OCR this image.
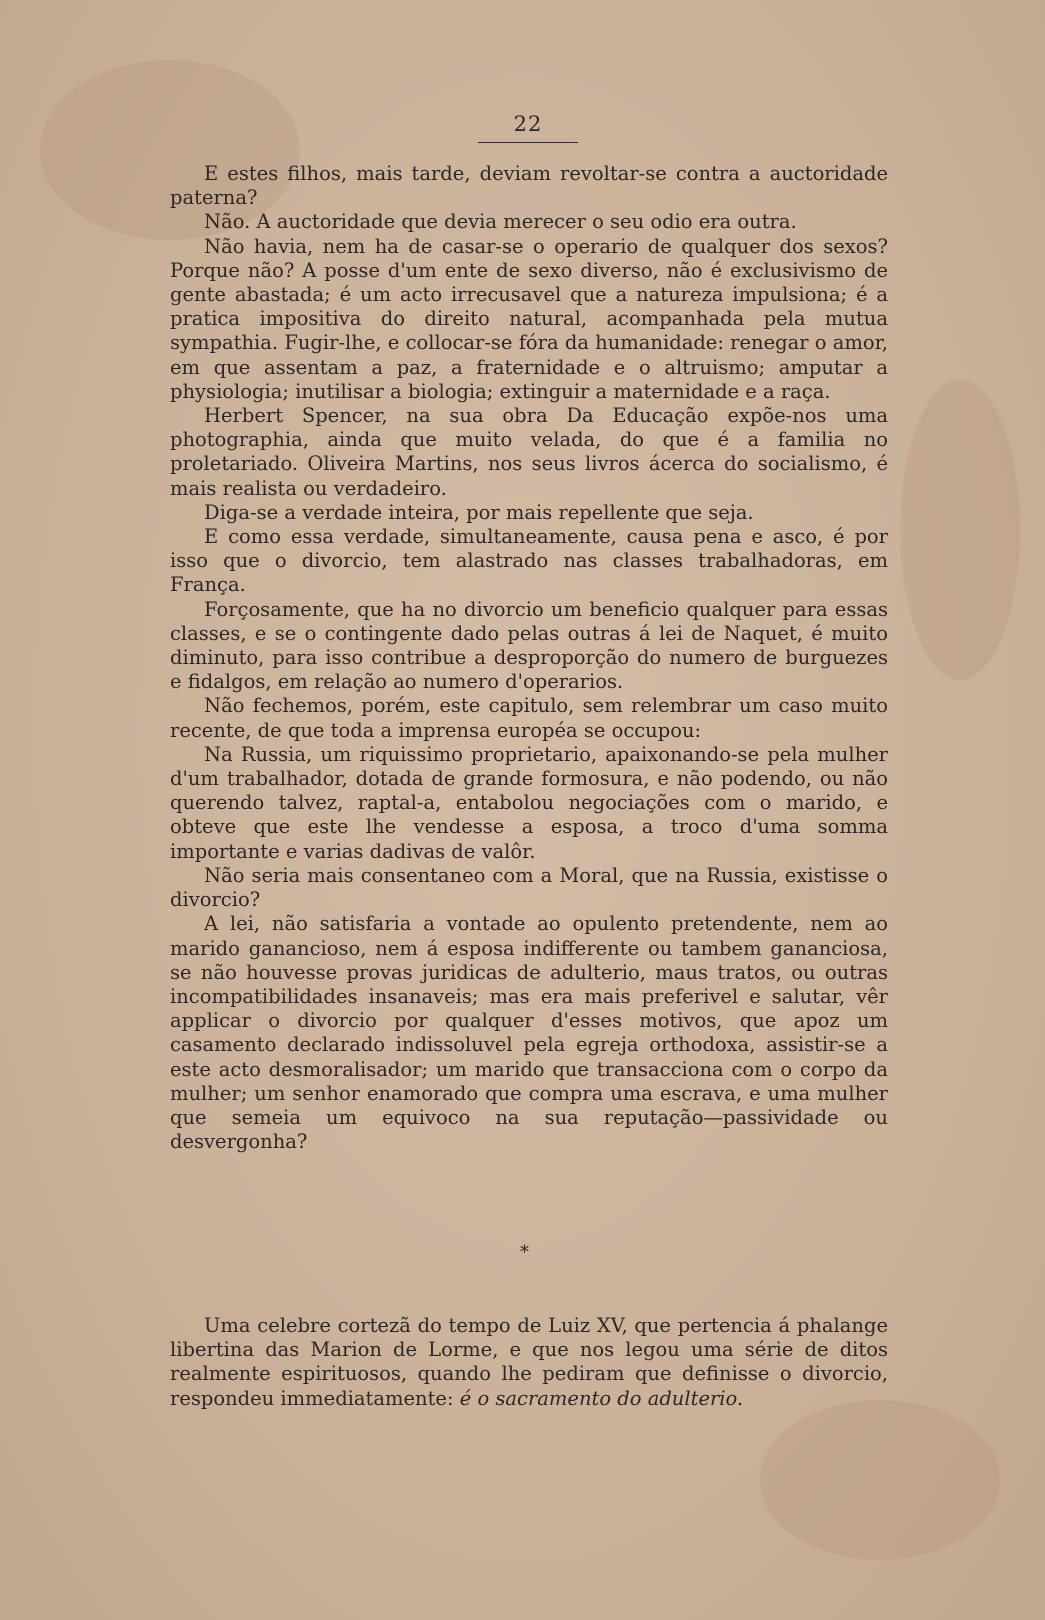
22

E estes filhos, mais tarde, deviam revoltar-se contra a auctoridade paterna?

Não. A auctoridade que devia merecer o seu odio era outra.

Não havia, nem ha de casar-se o operario de qualquer dos sexos? Porque não? A posse d'um ente de sexo diverso, não é exclusivismo de gente abastada; é um acto irrecusavel que a natureza impulsiona; é a pratica impositiva do direito natural, acompanhada pela mutua sympathia. Fugir-lhe, e collocar-se fóra da humanidade: renegar o amor, em que assentam a paz, a fraternidade e o altruismo; amputar a physiologia; inutilisar a biologia; extinguir a maternidade e a raça.

Herbert Spencer, na sua obra Da Educação expõe-nos uma photographia, ainda que muito velada, do que é a familia no proletariado. Oliveira Martins, nos seus livros ácerca do socialismo, é mais realista ou verdadeiro.

Diga-se a verdade inteira, por mais repellente que seja.

E como essa verdade, simultaneamente, causa pena e asco, é por isso que o divorcio, tem alastrado nas classes trabalhadoras, em França.

Forçosamente, que ha no divorcio um beneficio qualquer para essas classes, e se o contingente dado pelas outras á lei de Naquet, é muito diminuto, para isso contribue a desproporção do numero de burguezes e fidalgos, em relação ao numero d'operarios.

Não fechemos, porém, este capitulo, sem relembrar um caso muito recente, de que toda a imprensa européa se occupou:

Na Russia, um riquissimo proprietario, apaixonando-se pela mulher d'um trabalhador, dotada de grande formosura, e não podendo, ou não querendo talvez, raptal-a, entabolou negociações com o marido, e obteve que este lhe vendesse a esposa, a troco d'uma somma importante e varias dadivas de valôr.

Não seria mais consentaneo com a Moral, que na Russia, existisse o divorcio?

A lei, não satisfaria a vontade ao opulento pretendente, nem ao marido ganancioso, nem á esposa indifferente ou tambem gananciosa, se não houvesse provas juridicas de adulterio, maus tratos, ou outras incompatibilidades insanaveis; mas era mais preferivel e salutar, vêr applicar o divorcio por qualquer d'esses motivos, que apoz um casamento declarado indissoluvel pela egreja orthodoxa, assistir-se a este acto desmoralisador; um marido que transacciona com o corpo da mulher; um senhor enamorado que compra uma escrava, e uma mulher que semeia um equivoco na sua reputação—passividade ou desvergonha?

*

Uma celebre cortezã do tempo de Luiz XV, que pertencia á phalange libertina das Marion de Lorme, e que nos legou uma série de ditos realmente espirituosos, quando lhe pediram que definisse o divorcio, respondeu immediatamente: é o sacramento do adulterio.
